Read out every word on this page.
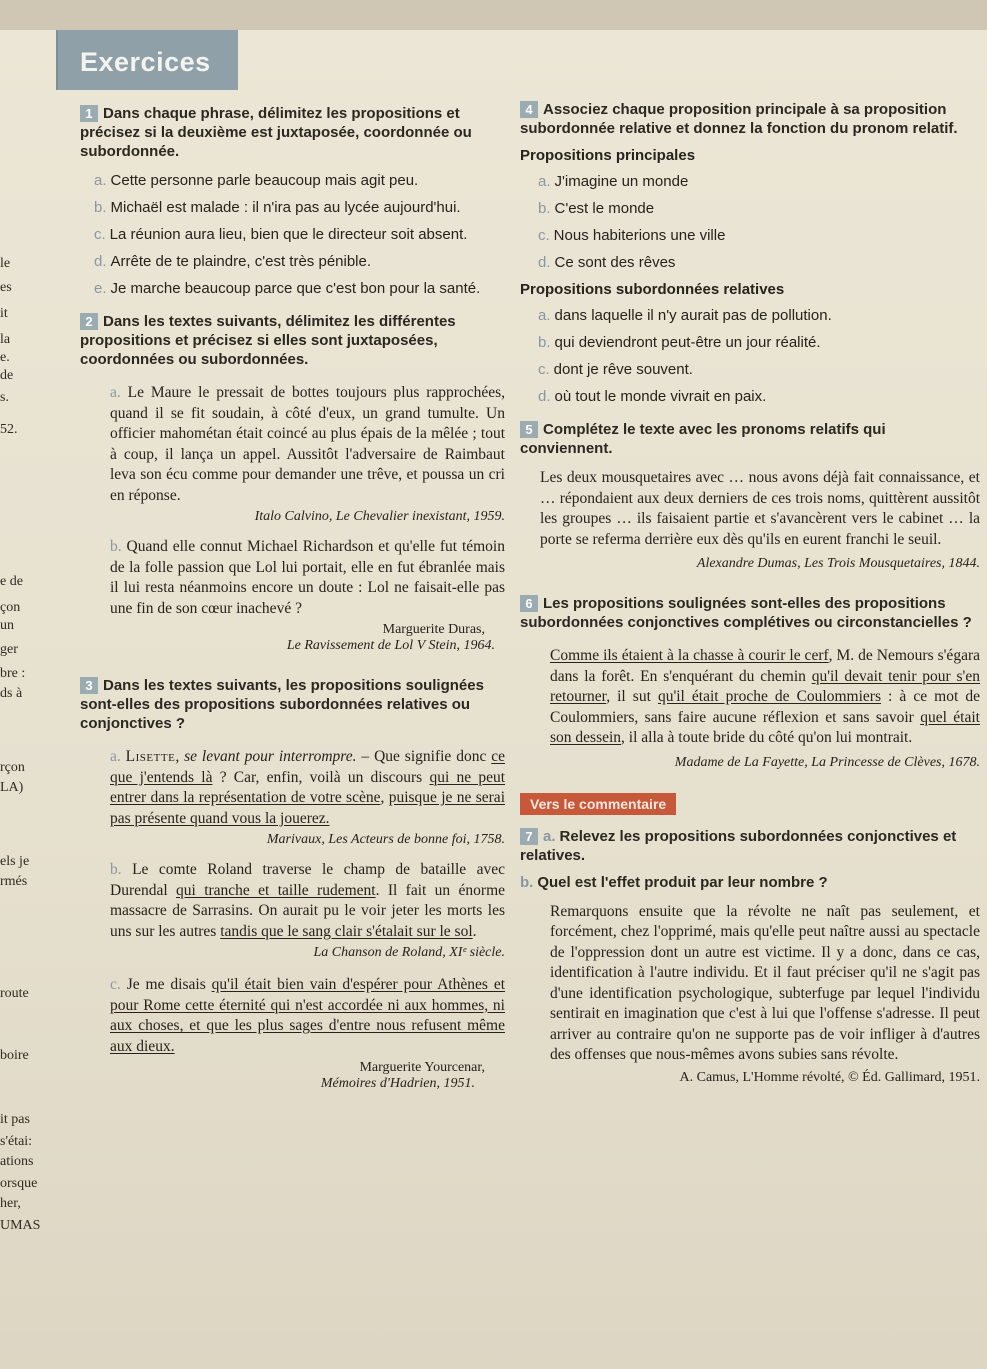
Exercices
le
es
it
la
e.
de
s.
52.
e de
çon
un
ger
bre :
ds à
rçon
LA)
els je
rmés
route
boire
it pas
s'étai:
ations
orsque
her,
UMAS
1 Dans chaque phrase, délimitez les propositions et précisez si la deuxième est juxtaposée, coordonnée ou subordonnée.
a. Cette personne parle beaucoup mais agit peu.
b. Michaël est malade : il n'ira pas au lycée aujourd'hui.
c. La réunion aura lieu, bien que le directeur soit absent.
d. Arrête de te plaindre, c'est très pénible.
e. Je marche beaucoup parce que c'est bon pour la santé.
2 Dans les textes suivants, délimitez les différentes propositions et précisez si elles sont juxtaposées, coordonnées ou subordonnées.
a. Le Maure le pressait de bottes toujours plus rapprochées, quand il se fit soudain, à côté d'eux, un grand tumulte. Un officier mahométan était coincé au plus épais de la mêlée ; tout à coup, il lança un appel. Aussitôt l'adversaire de Raimbaut leva son écu comme pour demander une trêve, et poussa un cri en réponse.
Italo Calvino, Le Chevalier inexistant, 1959.
b. Quand elle connut Michael Richardson et qu'elle fut témoin de la folle passion que Lol lui portait, elle en fut ébranlée mais il lui resta néanmoins encore un doute : Lol ne faisait-elle pas une fin de son cœur inachevé ?
Marguerite Duras,
Le Ravissement de Lol V Stein, 1964.
3 Dans les textes suivants, les propositions soulignées sont-elles des propositions subordonnées relatives ou conjonctives ?
a. Lisette, se levant pour interrompre. – Que signifie donc ce que j'entends là ? Car, enfin, voilà un discours qui ne peut entrer dans la représentation de votre scène, puisque je ne serai pas présente quand vous la jouerez.
Marivaux, Les Acteurs de bonne foi, 1758.
b. Le comte Roland traverse le champ de bataille avec Durendal qui tranche et taille rudement. Il fait un énorme massacre de Sarrasins. On aurait pu le voir jeter les morts les uns sur les autres tandis que le sang clair s'étalait sur le sol.
La Chanson de Roland, XIᵉ siècle.
c. Je me disais qu'il était bien vain d'espérer pour Athènes et pour Rome cette éternité qui n'est accordée ni aux hommes, ni aux choses, et que les plus sages d'entre nous refusent même aux dieux.
Marguerite Yourcenar,
Mémoires d'Hadrien, 1951.
4 Associez chaque proposition principale à sa proposition subordonnée relative et donnez la fonction du pronom relatif.
Propositions principales
a. J'imagine un monde
b. C'est le monde
c. Nous habiterions une ville
d. Ce sont des rêves
Propositions subordonnées relatives
a. dans laquelle il n'y aurait pas de pollution.
b. qui deviendront peut-être un jour réalité.
c. dont je rêve souvent.
d. où tout le monde vivrait en paix.
5 Complétez le texte avec les pronoms relatifs qui conviennent.
Les deux mousquetaires avec … nous avons déjà fait connaissance, et … répondaient aux deux derniers de ces trois noms, quittèrent aussitôt les groupes … ils faisaient partie et s'avancèrent vers le cabinet … la porte se referma derrière eux dès qu'ils en eurent franchi le seuil.
Alexandre Dumas, Les Trois Mousquetaires, 1844.
6 Les propositions soulignées sont-elles des propositions subordonnées conjonctives complétives ou circonstancielles ?
Comme ils étaient à la chasse à courir le cerf, M. de Nemours s'égara dans la forêt. En s'enquérant du chemin qu'il devait tenir pour s'en retourner, il sut qu'il était proche de Coulommiers : à ce mot de Coulommiers, sans faire aucune réflexion et sans savoir quel était son dessein, il alla à toute bride du côté qu'on lui montrait.
Madame de La Fayette, La Princesse de Clèves, 1678.
Vers le commentaire
7 a. Relevez les propositions subordonnées conjonctives et relatives.
b. Quel est l'effet produit par leur nombre ?
Remarquons ensuite que la révolte ne naît pas seulement, et forcément, chez l'opprimé, mais qu'elle peut naître aussi au spectacle de l'oppression dont un autre est victime. Il y a donc, dans ce cas, identification à l'autre individu. Et il faut préciser qu'il ne s'agit pas d'une identification psychologique, subterfuge par lequel l'individu sentirait en imagination que c'est à lui que l'offense s'adresse. Il peut arriver au contraire qu'on ne supporte pas de voir infliger à d'autres des offenses que nous-mêmes avons subies sans révolte.
A. Camus, L'Homme révolté, © Éd. Gallimard, 1951.
